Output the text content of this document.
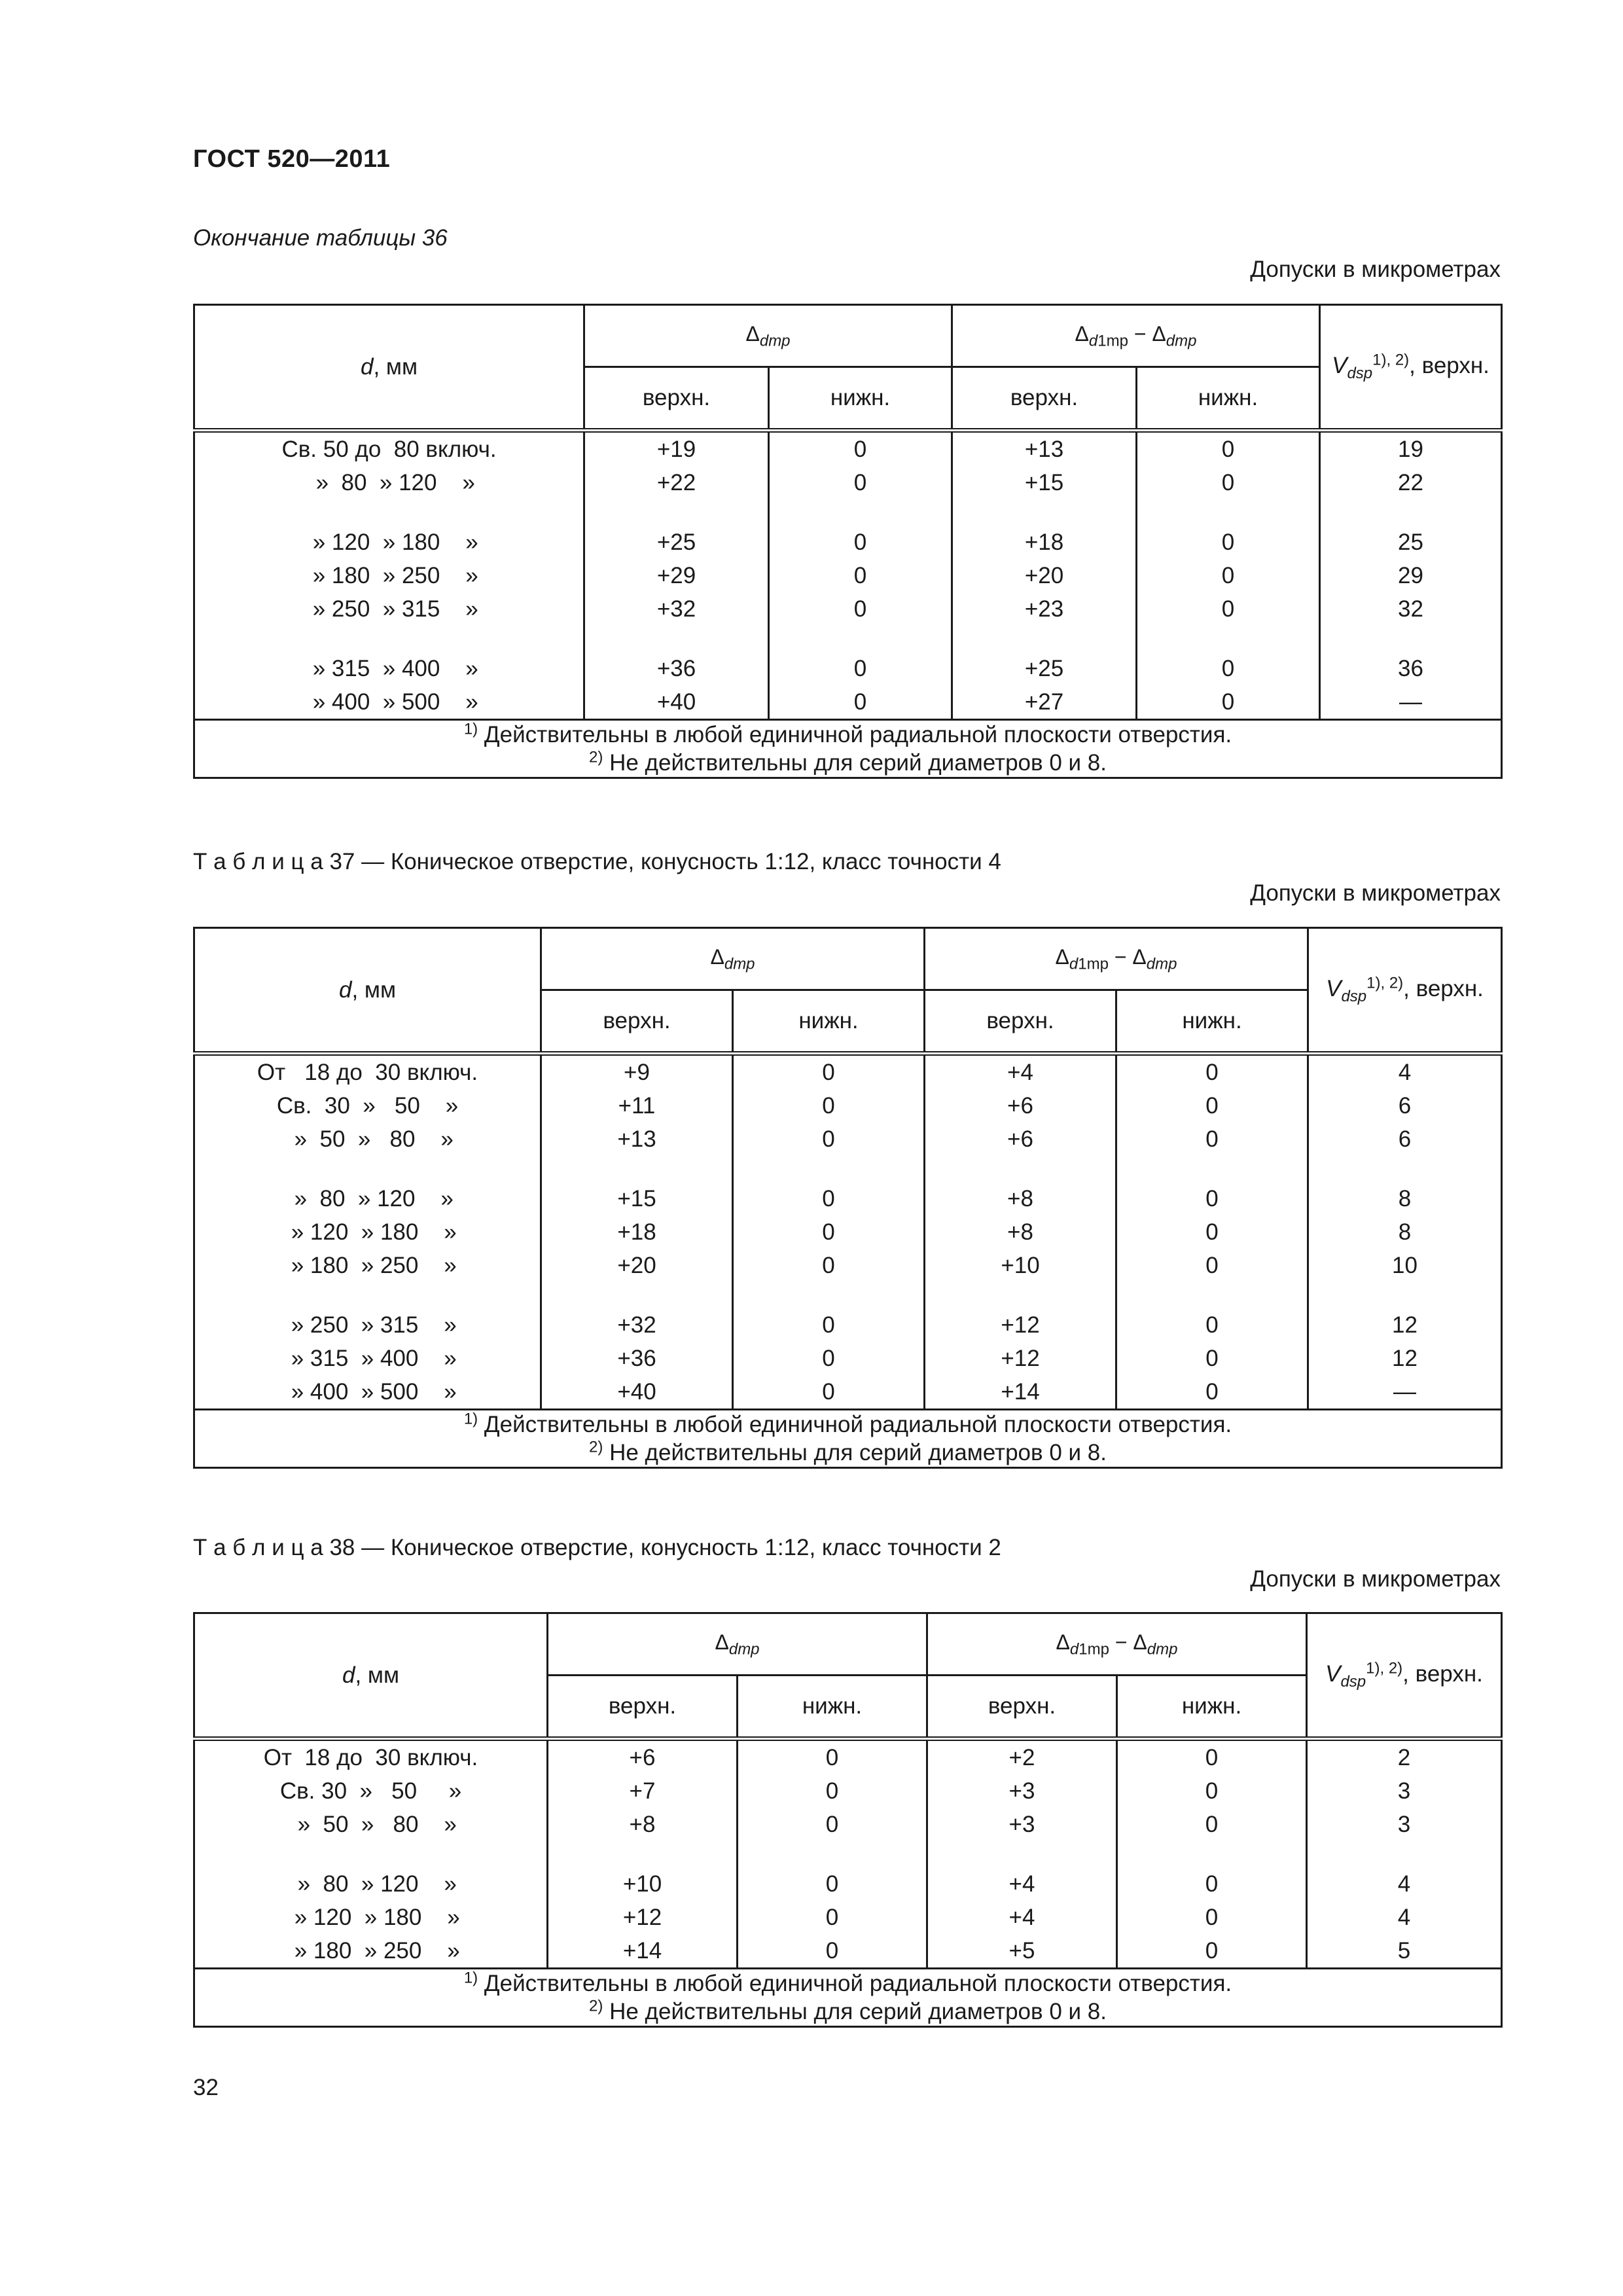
ГОСТ 520—2011
Окончание таблицы 36
Допуски в микрометрах
d, мм	$\Delta_{dmp}$		$\Delta_{d1mp} - \Delta_{dmp}$		$V_{dsp}^{1), 2)}$, верхн.
	верхн.	нижн.	верхн.	нижн.	
Св. 50 до  80 включ.	+19	0	+13	0	19
»  80  » 120    »	+22	0	+15	0	22

» 120  » 180    »	+25	0	+18	0	25
» 180  » 250    »	+29	0	+20	0	29
» 250  » 315    »	+32	0	+23	0	32

» 315  » 400    »	+36	0	+25	0	36
» 400  » 500    »	+40	0	+27	0	—

$^{1)}$ Действительны в любой единичной радиальной плоскости отверстия.
$^{2)}$ Не действительны для серий диаметров 0 и 8.					
Т а б л и ц а 37 — Коническое отверстие, конусность 1:12, класс точности 4
Допуски в микрометрах
d, мм	$\Delta_{dmp}$		$\Delta_{d1mp} - \Delta_{dmp}$		$V_{dsp}^{1), 2)}$, верхн.
	верхн.	нижн.	верхн.	нижн.	
От   18 до  30 включ.	+9	0	+4	0	4
Св.  30  »   50    »	+11	0	+6	0	6
»  50  »   80    »	+13	0	+6	0	6

»  80  » 120    »	+15	0	+8	0	8
» 120  » 180    »	+18	0	+8	0	8
» 180  » 250    »	+20	0	+10	0	10

» 250  » 315    »	+32	0	+12	0	12
» 315  » 400    »	+36	0	+12	0	12
» 400  » 500    »	+40	0	+14	0	—

$^{1)}$ Действительны в любой единичной радиальной плоскости отверстия.
$^{2)}$ Не действительны для серий диаметров 0 и 8.					
Т а б л и ц а 38 — Коническое отверстие, конусность 1:12, класс точности 2
Допуски в микрометрах
d, мм	$\Delta_{dmp}$		$\Delta_{d1mp} - \Delta_{dmp}$		$V_{dsp}^{1), 2)}$, верхн.
	верхн.	нижн.	верхн.	нижн.	
От  18 до  30 включ.	+6	0	+2	0	2
Св. 30  »   50     »	+7	0	+3	0	3
»  50  »   80    »	+8	0	+3	0	3

»  80  » 120    »	+10	0	+4	0	4
» 120  » 180    »	+12	0	+4	0	4
» 180  » 250    »	+14	0	+5	0	5

$^{1)}$ Действительны в любой единичной радиальной плоскости отверстия.
$^{2)}$ Не действительны для серий диаметров 0 и 8.					
32
